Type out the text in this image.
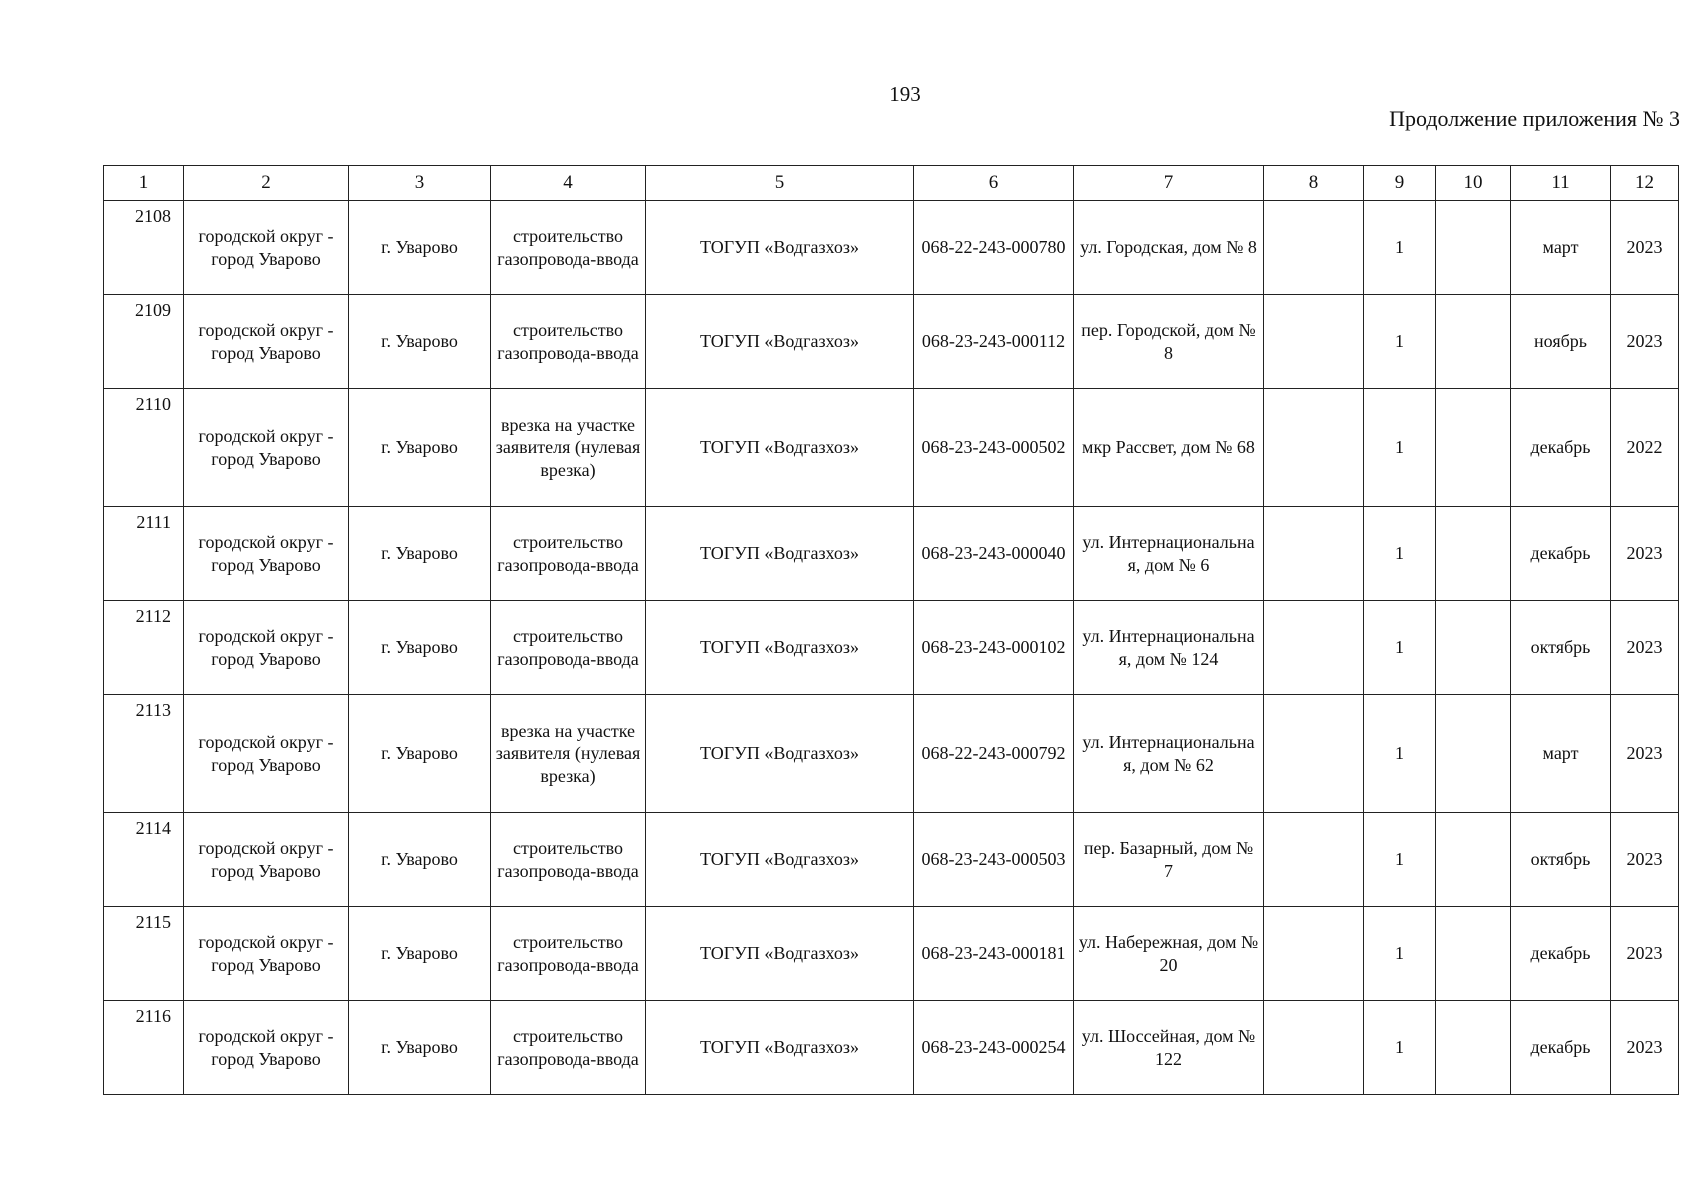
193
Продолжение приложения № 3
1	2	3	4	5	6	7	8	9	10	11	12
2108	городской округ - город Уварово	г. Уварово	строительство газопровода-ввода	ТОГУП «Водгазхоз»	068-22-243-000780	ул. Городская, дом № 8		1		март	2023
2109	городской округ - город Уварово	г. Уварово	строительство газопровода-ввода	ТОГУП «Водгазхоз»	068-23-243-000112	пер. Городской, дом № 8		1		ноябрь	2023
2110	городской округ - город Уварово	г. Уварово	врезка на участке заявителя (нулевая врезка)	ТОГУП «Водгазхоз»	068-23-243-000502	мкр Рассвет, дом № 68		1		декабрь	2022
2111	городской округ - город Уварово	г. Уварово	строительство газопровода-ввода	ТОГУП «Водгазхоз»	068-23-243-000040	ул. Интернациональна я, дом № 6		1		декабрь	2023
2112	городской округ - город Уварово	г. Уварово	строительство газопровода-ввода	ТОГУП «Водгазхоз»	068-23-243-000102	ул. Интернациональна я, дом № 124		1		октябрь	2023
2113	городской округ - город Уварово	г. Уварово	врезка на участке заявителя (нулевая врезка)	ТОГУП «Водгазхоз»	068-22-243-000792	ул. Интернациональна я, дом № 62		1		март	2023
2114	городской округ - город Уварово	г. Уварово	строительство газопровода-ввода	ТОГУП «Водгазхоз»	068-23-243-000503	пер. Базарный, дом № 7		1		октябрь	2023
2115	городской округ - город Уварово	г. Уварово	строительство газопровода-ввода	ТОГУП «Водгазхоз»	068-23-243-000181	ул. Набережная, дом № 20		1		декабрь	2023
2116	городской округ - город Уварово	г. Уварово	строительство газопровода-ввода	ТОГУП «Водгазхоз»	068-23-243-000254	ул. Шоссейная, дом № 122		1		декабрь	2023
